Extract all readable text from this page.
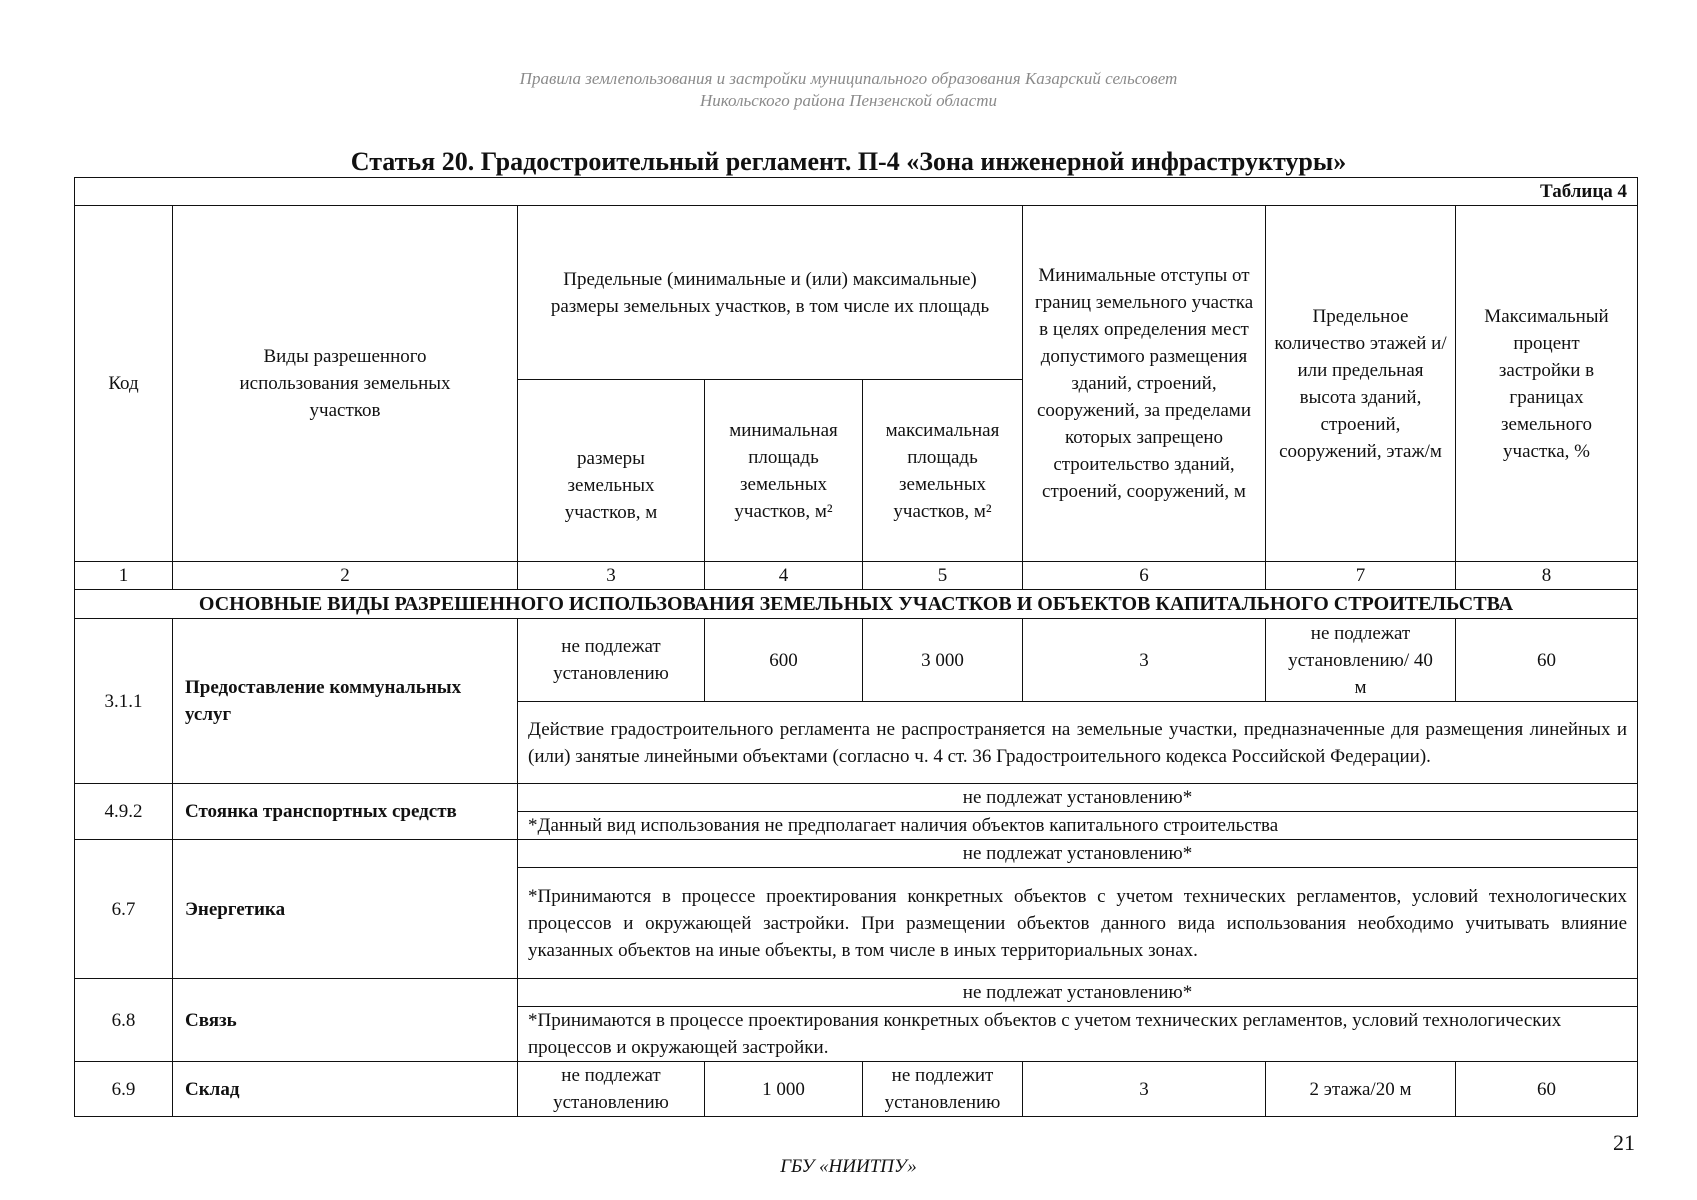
Правила землепользования и застройки муниципального образования Казарский сельсовет
Никольского района Пензенской области
Статья 20. Градостроительный регламент. П-4 «Зона инженерной инфраструктуры»
Таблица 4							
Код	Виды разрешенного использования земельных участков	Предельные (минимальные и (или) максимальные) размеры земельных участков, в том числе их площадь			Минимальные отступы от границ земельного участка в целях определения мест допустимого размещения зданий, строений, сооружений, за пределами которых запрещено строительство зданий, строений, сооружений, м	Предельное количество этажей и/или предельная высота зданий, строений, сооружений, этаж/м	Максимальный процент застройки в границах земельного участка, %
		размеры земельных участков, м	минимальная площадь земельных участков, м²	максимальная площадь земельных участков, м²			
1	2	3	4	5	6	7	8
ОСНОВНЫЕ ВИДЫ РАЗРЕШЕННОГО ИСПОЛЬЗОВАНИЯ ЗЕМЕЛЬНЫХ УЧАСТКОВ И ОБЪЕКТОВ КАПИТАЛЬНОГО СТРОИТЕЛЬСТВА							
3.1.1	Предоставление коммунальных услуг	не подлежат установлению	600	3 000	3	не подлежат установлению/ 40 м	60
		Действие градостроительного регламента не распространяется на земельные участки, предназначенные для размещения линейных и (или) занятые линейными объектами (согласно ч. 4 ст. 36 Градостроительного кодекса Российской Федерации).					
4.9.2	Стоянка транспортных средств	не подлежат установлению*					
		*Данный вид использования не предполагает наличия объектов капитального строительства					
6.7	Энергетика	не подлежат установлению*					
		*Принимаются в процессе проектирования конкретных объектов с учетом технических регламентов, условий технологических процессов и окружающей застройки. При размещении объектов данного вида использования необходимо учитывать влияние указанных объектов на иные объекты, в том числе в иных территориальных зонах.					
6.8	Связь	не подлежат установлению*					
		*Принимаются в процессе проектирования конкретных объектов с учетом технических регламентов, условий технологических процессов и окружающей застройки.					
6.9	Склад	не подлежат установлению	1 000	не подлежит установлению	3	2 этажа/20 м	60
21
ГБУ «НИИТПУ»
